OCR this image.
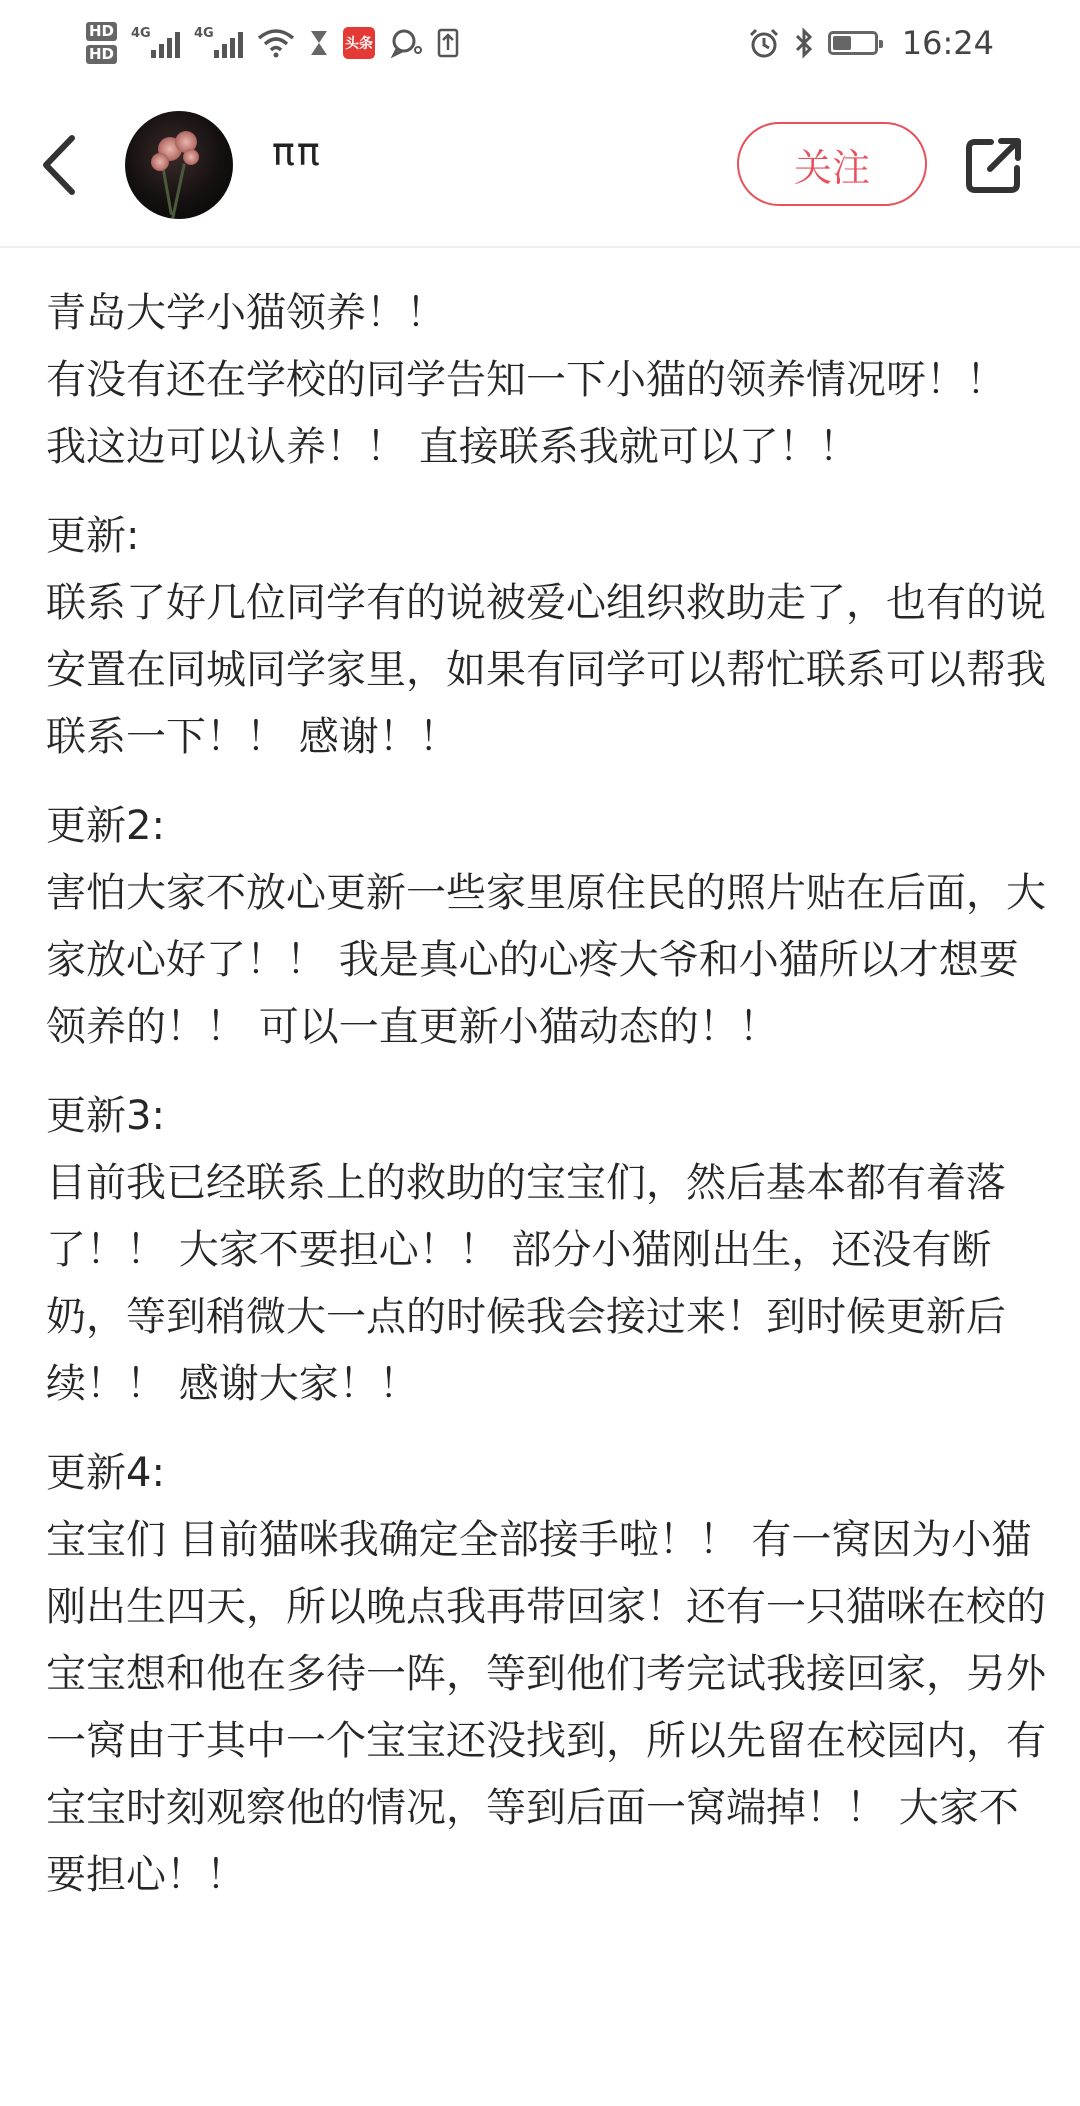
HD
HD
4G	4G
头条	16:24
ππ	关注

青岛大学小猫领养！！
有没有还在学校的同学告知一下小猫的领养情况呀！！ 我这边可以认养！！ 直接联系我就可以了！！

更新:
联系了好几位同学有的说被爱心组织救助走了，也有的说安置在同城同学家里，如果有同学可以帮忙联系可以帮我联系一下！！ 感谢！！

更新2:
害怕大家不放心更新一些家里原住民的照片贴在后面，大家放心好了！！ 我是真心的心疼大爷和小猫所以才想要领养的！！ 可以一直更新小猫动态的！！

更新3:
目前我已经联系上的救助的宝宝们，然后基本都有着落了！！ 大家不要担心！！ 部分小猫刚出生，还没有断奶，等到稍微大一点的时候我会接过来！到时候更新后续！！ 感谢大家！！

更新4:
宝宝们 目前猫咪我确定全部接手啦！！ 有一窝因为小猫刚出生四天，所以晚点我再带回家！还有一只猫咪在校的宝宝想和他在多待一阵，等到他们考完试我接回家，另外一窝由于其中一个宝宝还没找到，所以先留在校园内，有宝宝时刻观察他的情况，等到后面一窝端掉！！ 大家不要担心！！
